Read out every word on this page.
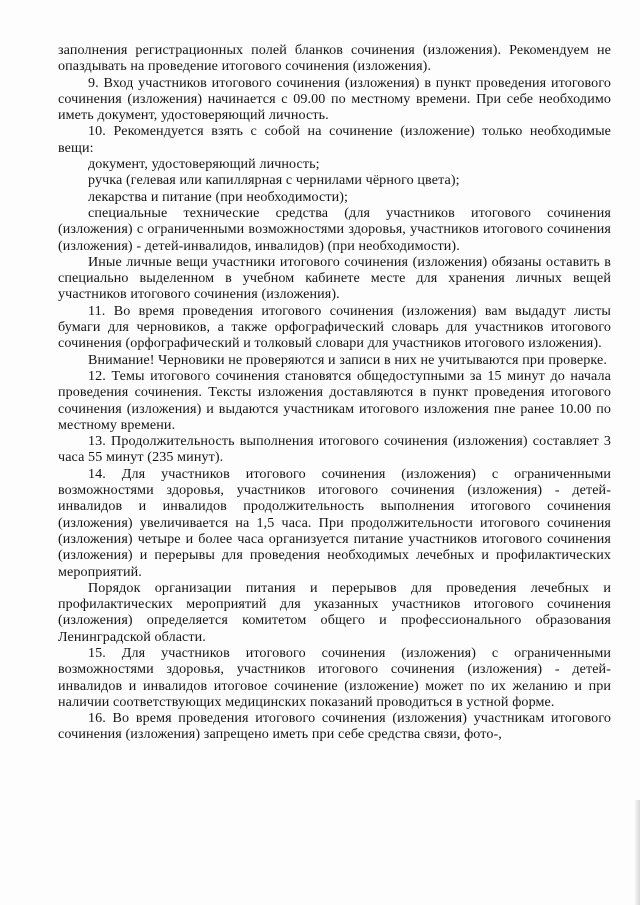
заполнения регистрационных полей бланков сочинения (изложения). Рекомендуем не опаздывать на проведение итогового сочинения (изложения).

9. Вход участников итогового сочинения (изложения) в пункт проведения итогового сочинения (изложения) начинается с 09.00 по местному времени. При себе необходимо иметь документ, удостоверяющий личность.

10. Рекомендуется взять с собой на сочинение (изложение) только необходимые вещи:

документ, удостоверяющий личность;

ручка (гелевая или капиллярная с чернилами чёрного цвета);

лекарства и питание (при необходимости);

специальные технические средства (для участников итогового сочинения (изложения) с ограниченными возможностями здоровья, участников итогового сочинения (изложения) - детей-инвалидов, инвалидов) (при необходимости).

Иные личные вещи участники итогового сочинения (изложения) обязаны оставить в специально выделенном в учебном кабинете месте для хранения личных вещей участников итогового сочинения (изложения).

11. Во время проведения итогового сочинения (изложения) вам выдадут листы бумаги для черновиков, а также орфографический словарь для участников итогового сочинения (орфографический и толковый словари для участников итогового изложения).

Внимание! Черновики не проверяются и записи в них не учитываются при проверке.

12. Темы итогового сочинения становятся общедоступными за 15 минут до начала проведения сочинения. Тексты изложения доставляются в пункт проведения итогового сочинения (изложения) и выдаются участникам итогового изложения пне ранее 10.00 по местному времени.

13. Продолжительность выполнения итогового сочинения (изложения) составляет 3 часа 55 минут (235 минут).

14. Для участников итогового сочинения (изложения) с ограниченными возможностями здоровья, участников итогового сочинения (изложения) - детей-инвалидов и инвалидов продолжительность выполнения итогового сочинения (изложения) увеличивается на 1,5 часа. При продолжительности итогового сочинения (изложения) четыре и более часа организуется питание участников итогового сочинения (изложения) и перерывы для проведения необходимых лечебных и профилактических мероприятий.

Порядок организации питания и перерывов для проведения лечебных и профилактических мероприятий для указанных участников итогового сочинения (изложения) определяется комитетом общего и профессионального образования Ленинградской области.

15. Для участников итогового сочинения (изложения) с ограниченными возможностями здоровья, участников итогового сочинения (изложения) - детей-инвалидов и инвалидов итоговое сочинение (изложение) может по их желанию и при наличии соответствующих медицинских показаний проводиться в устной форме.

16. Во время проведения итогового сочинения (изложения) участникам итогового сочинения (изложения) запрещено иметь при себе средства связи, фото-,
